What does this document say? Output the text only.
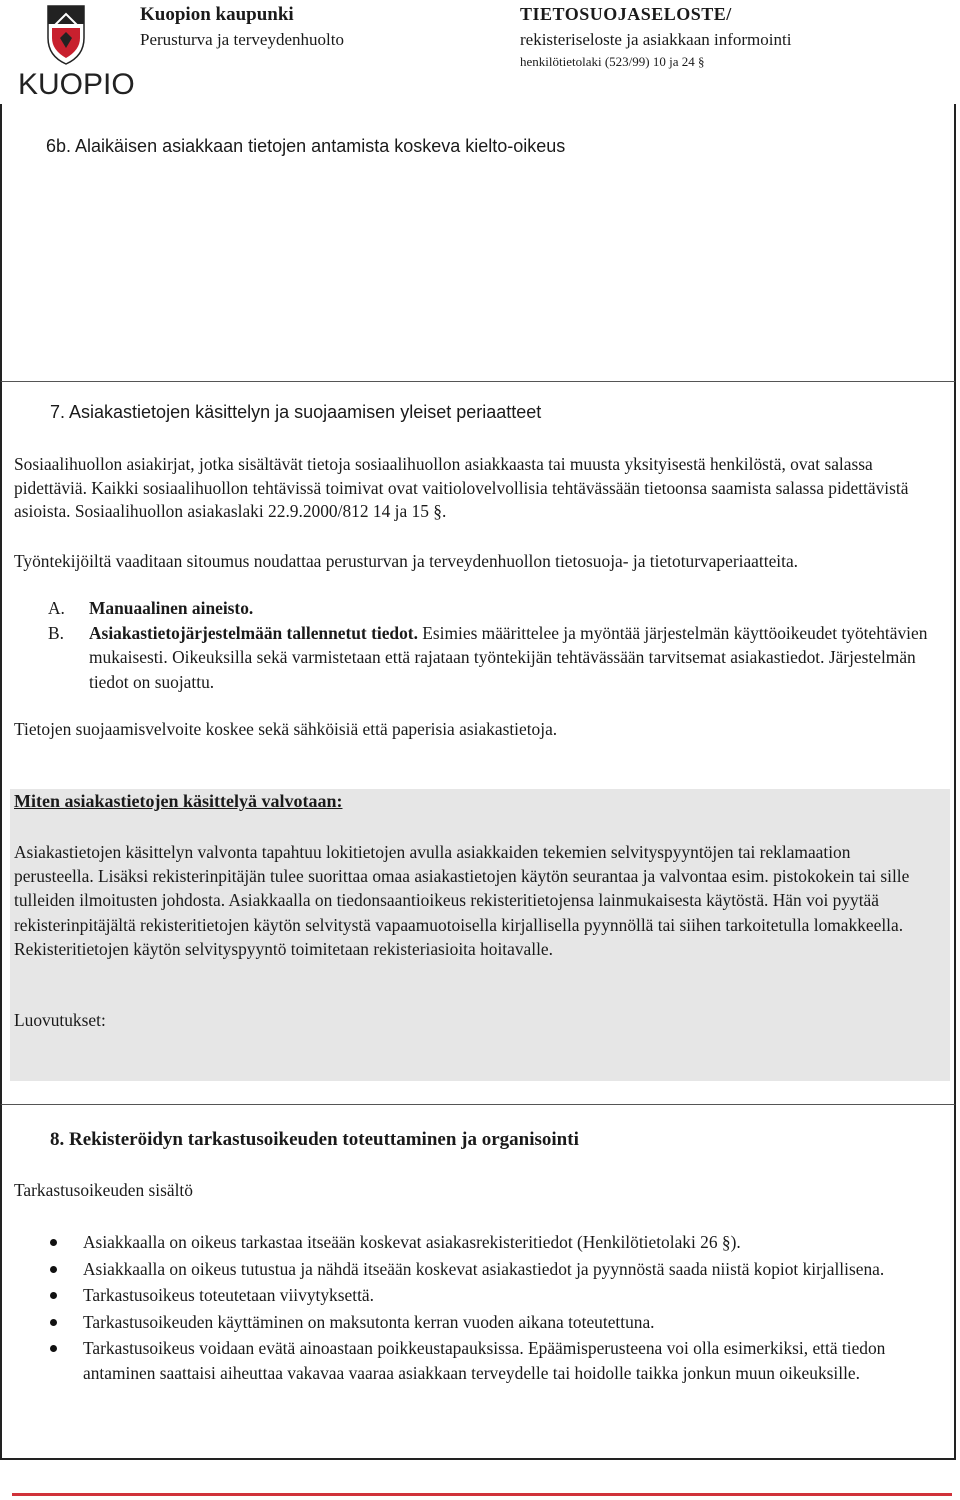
KUOPIO
Kuopion kaupunki
Perusturva ja terveydenhuolto
TIETOSUOJASELOSTE/
rekisteriseloste ja asiakkaan informointi
henkilötietolaki (523/99) 10 ja 24 §
6b. Alaikäisen asiakkaan tietojen antamista koskeva kielto-oikeus
7. Asiakastietojen käsittelyn ja suojaamisen yleiset periaatteet
Sosiaalihuollon asiakirjat, jotka sisältävät tietoja sosiaalihuollon asiakkaasta tai muusta yksityisestä henkilöstä, ovat salassa pidettäviä. Kaikki sosiaalihuollon tehtävissä toimivat ovat vaitiolovelvollisia tehtävässään tietoonsa saamista salassa pidettävistä asioista. Sosiaalihuollon asiakaslaki 22.9.2000/812 14 ja 15 §.
Työntekijöiltä vaaditaan sitoumus noudattaa perusturvan ja terveydenhuollon tietosuoja- ja tietoturvaperiaatteita.
A.	Manuaalinen aineisto.
B.	Asiakastietojärjestelmään tallennetut tiedot. Esimies määrittelee ja myöntää järjestelmän käyttöoikeudet työtehtävien mukaisesti. Oikeuksilla sekä varmistetaan että rajataan työntekijän tehtävässään tarvitsemat asiakastiedot. Järjestelmän tiedot on suojattu.
Tietojen suojaamisvelvoite koskee sekä sähköisiä että paperisia asiakastietoja.
Miten asiakastietojen käsittelyä valvotaan:
Asiakastietojen käsittelyn valvonta tapahtuu lokitietojen avulla asiakkaiden tekemien selvityspyyntöjen tai reklamaation perusteella. Lisäksi rekisterinpitäjän tulee suorittaa omaa asiakastietojen käytön seurantaa ja valvontaa esim. pistokokein tai sille tulleiden ilmoitusten johdosta. Asiakkaalla on tiedonsaantioikeus rekisteritietojensa lainmukaisesta käytöstä. Hän voi pyytää rekisterinpitäjältä rekisteritietojen käytön selvitystä vapaamuotoisella kirjallisella pyynnöllä tai siihen tarkoitetulla lomakkeella. Rekisteritietojen käytön selvityspyyntö toimitetaan rekisteriasioita hoitavalle.
Luovutukset:
8. Rekisteröidyn tarkastusoikeuden toteuttaminen ja organisointi
Tarkastusoikeuden sisältö
Asiakkaalla on oikeus tarkastaa itseään koskevat asiakasrekisteritiedot (Henkilötietolaki 26 §).
Asiakkaalla on oikeus tutustua ja nähdä itseään koskevat asiakastiedot ja pyynnöstä saada niistä kopiot kirjallisena.
Tarkastusoikeus toteutetaan viivytyksettä.
Tarkastusoikeuden käyttäminen on maksutonta kerran vuoden aikana toteutettuna.
Tarkastusoikeus voidaan evätä ainoastaan poikkeustapauksissa. Epäämisperusteena voi olla esimerkiksi, että tiedon antaminen saattaisi aiheuttaa vakavaa vaaraa asiakkaan terveydelle tai hoidolle taikka jonkun muun oikeuksille.
